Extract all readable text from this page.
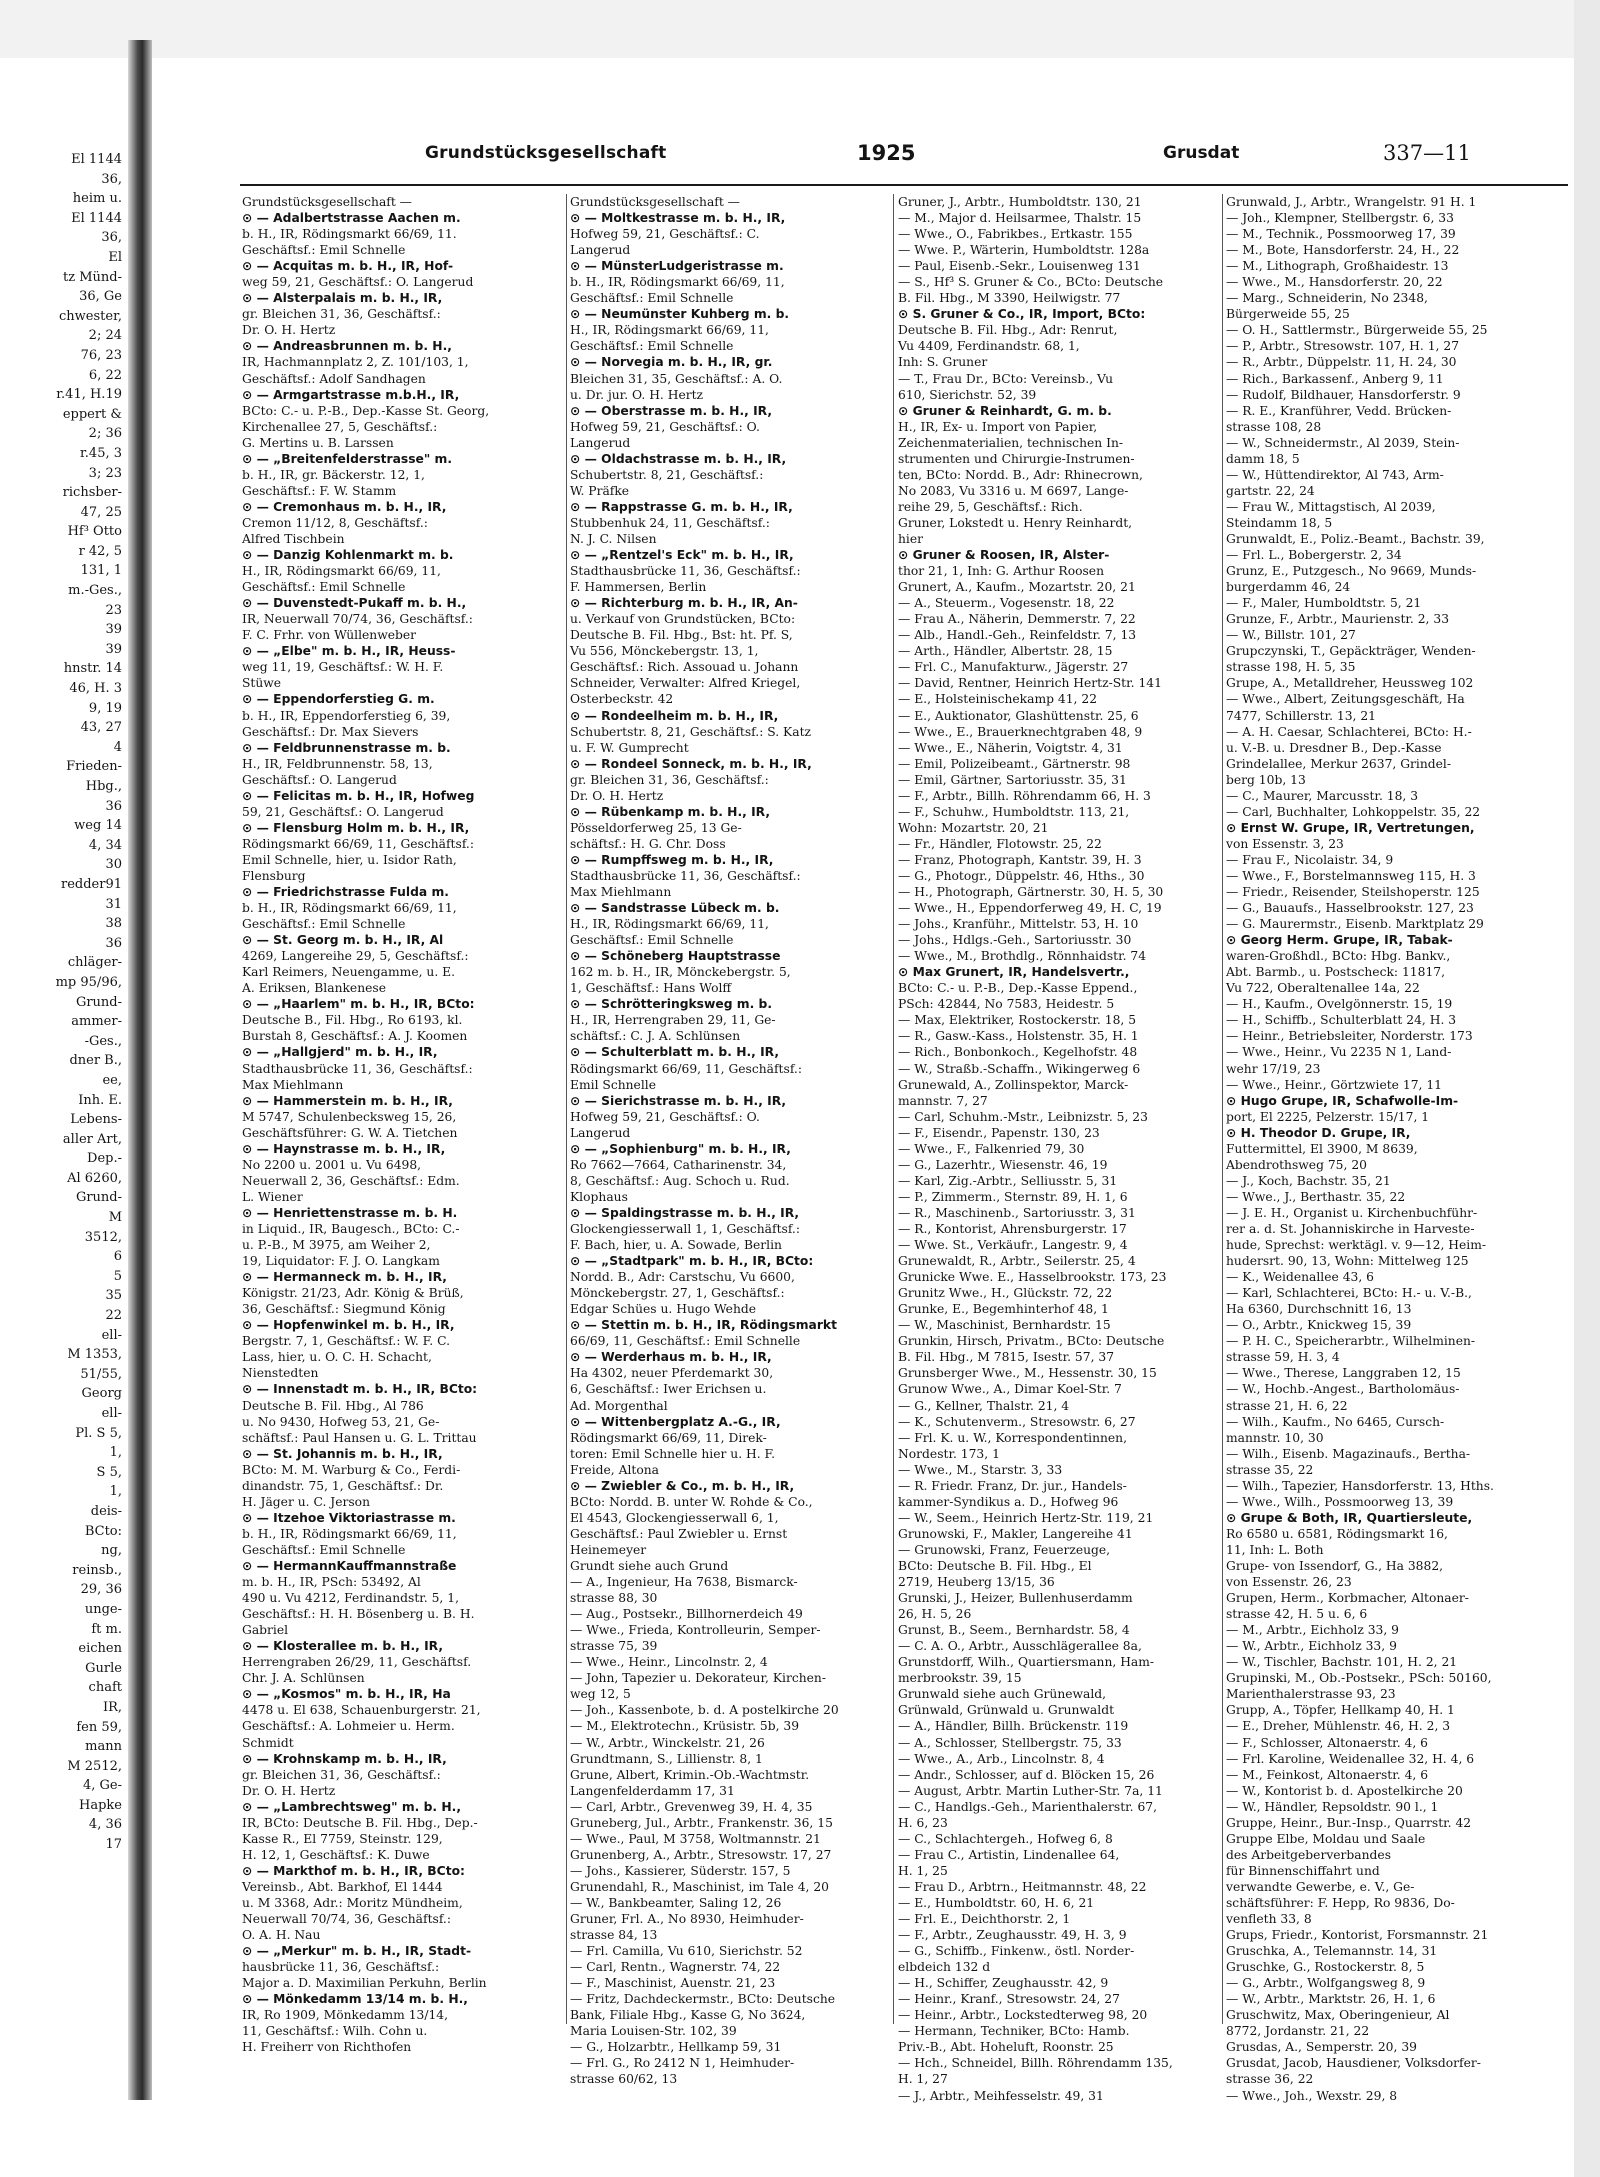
El 1144
36,
heim u.
El 1144
36,
El
tz Münd-
36, Ge
chwester,
2; 24
76, 23
6, 22
r.41, H.19
eppert &
2; 36
r.45, 3
3; 23
richsber-
47, 25
Hf³ Otto
r 42, 5
131, 1
m.-Ges.,
23
39
39
hnstr. 14
46, H. 3
9, 19
43, 27
4
Frieden-
Hbg.,
36
weg 14
4, 34
30
redder91
31
38
36
chläger-
mp 95/96,
Grund-
ammer-
-Ges.,
dner B.,
ee,
Inh. E.
Lebens-
aller Art,
Dep.-
Al 6260,
Grund-
M
3512,
6
5
35
22
ell-
M 1353,
51/55,
Georg
ell-
Pl. S 5,
1,
S 5,
1,
deis-
BCto:
ng,
reinsb.,
29, 36
unge-
ft m.
eichen
Gurle
chaft
IR,
fen 59,
mann
M 2512,
4, Ge-
Hapke
4, 36
17
Grundstücksgesellschaft	1925	Grusdat	337—11
Grundstücksgesellschaft —
⊙ — Adalbertstrasse Aachen m.
b. H., IR, Rödingsmarkt 66/69, 11.
Geschäftsf.: Emil Schnelle
⊙ — Acquitas m. b. H., IR, Hof-
weg 59, 21, Geschäftsf.: O. Langerud
⊙ — Alsterpalais m. b. H., IR,
gr. Bleichen 31, 36, Geschäftsf.:
Dr. O. H. Hertz
⊙ — Andreasbrunnen m. b. H.,
IR, Hachmannplatz 2, Z. 101/103, 1,
Geschäftsf.: Adolf Sandhagen
⊙ — Armgartstrasse m.b.H., IR,
BCto: C.- u. P.-B., Dep.-Kasse St. Georg,
Kirchenallee 27, 5, Geschäftsf.:
G. Mertins u. B. Larssen
⊙ — „Breitenfelderstrasse" m.
b. H., IR, gr. Bäckerstr. 12, 1,
Geschäftsf.: F. W. Stamm
⊙ — Cremonhaus m. b. H., IR,
Cremon 11/12, 8, Geschäftsf.:
Alfred Tischbein
⊙ — Danzig Kohlenmarkt m. b.
H., IR, Rödingsmarkt 66/69, 11,
Geschäftsf.: Emil Schnelle
⊙ — Duvenstedt-Pukaff m. b. H.,
IR, Neuerwall 70/74, 36, Geschäftsf.:
F. C. Frhr. von Wüllenweber
⊙ — „Elbe" m. b. H., IR, Heuss-
weg 11, 19, Geschäftsf.: W. H. F.
Stüwe
⊙ — Eppendorferstieg G. m.
b. H., IR, Eppendorferstieg 6, 39,
Geschäftsf.: Dr. Max Sievers
⊙ — Feldbrunnenstrasse m. b.
H., IR, Feldbrunnenstr. 58, 13,
Geschäftsf.: O. Langerud
⊙ — Felicitas m. b. H., IR, Hofweg
59, 21, Geschäftsf.: O. Langerud
⊙ — Flensburg Holm m. b. H., IR,
Rödingsmarkt 66/69, 11, Geschäftsf.:
Emil Schnelle, hier, u. Isidor Rath,
Flensburg
⊙ — Friedrichstrasse Fulda m.
b. H., IR, Rödingsmarkt 66/69, 11,
Geschäftsf.: Emil Schnelle
⊙ — St. Georg m. b. H., IR, Al
4269, Langereihe 29, 5, Geschäftsf.:
Karl Reimers, Neuengamme, u. E.
A. Eriksen, Blankenese
⊙ — „Haarlem" m. b. H., IR, BCto:
Deutsche B., Fil. Hbg., Ro 6193, kl.
Burstah 8, Geschäftsf.: A. J. Koomen
⊙ — „Hallgjerd" m. b. H., IR,
Stadthausbrücke 11, 36, Geschäftsf.:
Max Miehlmann
⊙ — Hammerstein m. b. H., IR,
M 5747, Schulenbecksweg 15, 26,
Geschäftsführer: G. W. A. Tietchen
⊙ — Haynstrasse m. b. H., IR,
No 2200 u. 2001 u. Vu 6498,
Neuerwall 2, 36, Geschäftsf.: Edm.
L. Wiener
⊙ — Henriettenstrasse m. b. H.
in Liquid., IR, Baugesch., BCto: C.-
u. P.-B., M 3975, am Weiher 2,
19, Liquidator: F. J. O. Langkam
⊙ — Hermanneck m. b. H., IR,
Königstr. 21/23, Adr. König & Brüß,
36, Geschäftsf.: Siegmund König
⊙ — Hopfenwinkel m. b. H., IR,
Bergstr. 7, 1, Geschäftsf.: W. F. C.
Lass, hier, u. O. C. H. Schacht,
Nienstedten
⊙ — Innenstadt m. b. H., IR, BCto:
Deutsche B. Fil. Hbg., Al 786
u. No 9430, Hofweg 53, 21, Ge-
schäftsf.: Paul Hansen u. G. L. Trittau
⊙ — St. Johannis m. b. H., IR,
BCto: M. M. Warburg & Co., Ferdi-
dinandstr. 75, 1, Geschäftsf.: Dr.
H. Jäger u. C. Jerson
⊙ — Itzehoe Viktoriastrasse m.
b. H., IR, Rödingsmarkt 66/69, 11,
Geschäftsf.: Emil Schnelle
⊙ — HermannKauffmannstraße
m. b. H., IR, PSch: 53492, Al
490 u. Vu 4212, Ferdinandstr. 5, 1,
Geschäftsf.: H. H. Bösenberg u. B. H.
Gabriel
⊙ — Klosterallee m. b. H., IR,
Herrengraben 26/29, 11, Geschäftsf.
Chr. J. A. Schlünsen
⊙ — „Kosmos" m. b. H., IR, Ha
4478 u. El 638, Schauenburgerstr. 21,
Geschäftsf.: A. Lohmeier u. Herm.
Schmidt
⊙ — Krohnskamp m. b. H., IR,
gr. Bleichen 31, 36, Geschäftsf.:
Dr. O. H. Hertz
⊙ — „Lambrechtsweg" m. b. H.,
IR, BCto: Deutsche B. Fil. Hbg., Dep.-
Kasse R., El 7759, Steinstr. 129,
H. 12, 1, Geschäftsf.: K. Duwe
⊙ — Markthof m. b. H., IR, BCto:
Vereinsb., Abt. Barkhof, El 1444
u. M 3368, Adr.: Moritz Mündheim,
Neuerwall 70/74, 36, Geschäftsf.:
O. A. H. Nau
⊙ — „Merkur" m. b. H., IR, Stadt-
hausbrücke 11, 36, Geschäftsf.:
Major a. D. Maximilian Perkuhn, Berlin
⊙ — Mönkedamm 13/14 m. b. H.,
IR, Ro 1909, Mönkedamm 13/14,
11, Geschäftsf.: Wilh. Cohn u.
H. Freiherr von Richthofen
Grundstücksgesellschaft —
⊙ — Moltkestrasse m. b. H., IR,
Hofweg 59, 21, Geschäftsf.: C.
Langerud
⊙ — MünsterLudgeristrasse m.
b. H., IR, Rödingsmarkt 66/69, 11,
Geschäftsf.: Emil Schnelle
⊙ — Neumünster Kuhberg m. b.
H., IR, Rödingsmarkt 66/69, 11,
Geschäftsf.: Emil Schnelle
⊙ — Norvegia m. b. H., IR, gr.
Bleichen 31, 35, Geschäftsf.: A. O.
u. Dr. jur. O. H. Hertz
⊙ — Oberstrasse m. b. H., IR,
Hofweg 59, 21, Geschäftsf.: O.
Langerud
⊙ — Oldachstrasse m. b. H., IR,
Schubertstr. 8, 21, Geschäftsf.:
W. Präfke
⊙ — Rappstrasse G. m. b. H., IR,
Stubbenhuk 24, 11, Geschäftsf.:
N. J. C. Nilsen
⊙ — „Rentzel's Eck" m. b. H., IR,
Stadthausbrücke 11, 36, Geschäftsf.:
F. Hammersen, Berlin
⊙ — Richterburg m. b. H., IR, An-
u. Verkauf von Grundstücken, BCto:
Deutsche B. Fil. Hbg., Bst: ht. Pf. S,
Vu 556, Mönckebergstr. 13, 1,
Geschäftsf.: Rich. Assouad u. Johann
Schneider, Verwalter: Alfred Kriegel,
Osterbeckstr. 42
⊙ — Rondeelheim m. b. H., IR,
Schubertstr. 8, 21, Geschäftsf.: S. Katz
u. F. W. Gumprecht
⊙ — Rondeel Sonneck, m. b. H., IR,
gr. Bleichen 31, 36, Geschäftsf.:
Dr. O. H. Hertz
⊙ — Rübenkamp m. b. H., IR,
Pösseldorferweg 25, 13 Ge-
schäftsf.: H. G. Chr. Doss
⊙ — Rumpffsweg m. b. H., IR,
Stadthausbrücke 11, 36, Geschäftsf.:
Max Miehlmann
⊙ — Sandstrasse Lübeck m. b.
H., IR, Rödingsmarkt 66/69, 11,
Geschäftsf.: Emil Schnelle
⊙ — Schöneberg Hauptstrasse
162 m. b. H., IR, Mönckebergstr. 5,
1, Geschäftsf.: Hans Wolff
⊙ — Schrötteringksweg m. b.
H., IR, Herrengraben 29, 11, Ge-
schäftsf.: C. J. A. Schlünsen
⊙ — Schulterblatt m. b. H., IR,
Rödingsmarkt 66/69, 11, Geschäftsf.:
Emil Schnelle
⊙ — Sierichstrasse m. b. H., IR,
Hofweg 59, 21, Geschäftsf.: O.
Langerud
⊙ — „Sophienburg" m. b. H., IR,
Ro 7662—7664, Catharinenstr. 34,
8, Geschäftsf.: Aug. Schoch u. Rud.
Klophaus
⊙ — Spaldingstrasse m. b. H., IR,
Glockengiesserwall 1, 1, Geschäftsf.:
F. Bach, hier, u. A. Sowade, Berlin
⊙ — „Stadtpark" m. b. H., IR, BCto:
Nordd. B., Adr: Carstschu, Vu 6600,
Mönckebergstr. 27, 1, Geschäftsf.:
Edgar Schües u. Hugo Wehde
⊙ — Stettin m. b. H., IR, Rödingsmarkt
66/69, 11, Geschäftsf.: Emil Schnelle
⊙ — Werderhaus m. b. H., IR,
Ha 4302, neuer Pferdemarkt 30,
6, Geschäftsf.: Iwer Erichsen u.
Ad. Morgenthal
⊙ — Wittenbergplatz A.-G., IR,
Rödingsmarkt 66/69, 11, Direk-
toren: Emil Schnelle hier u. H. F.
Freide, Altona
⊙ — Zwiebler & Co., m. b. H., IR,
BCto: Nordd. B. unter W. Rohde & Co.,
El 4543, Glockengiesserwall 6, 1,
Geschäftsf.: Paul Zwiebler u. Ernst
Heinemeyer
Grundt siehe auch Grund
— A., Ingenieur, Ha 7638, Bismarck-
strasse 88, 30
— Aug., Postsekr., Billhornerdeich 49
— Wwe., Frieda, Kontrolleurin, Semper-
strasse 75, 39
— Wwe., Heinr., Lincolnstr. 2, 4
— John, Tapezier u. Dekorateur, Kirchen-
weg 12, 5
— Joh., Kassenbote, b. d. A postelkirche 20
— M., Elektrotechn., Krüsistr. 5b, 39
— W., Arbtr., Winckelstr. 21, 26
Grundtmann, S., Lillienstr. 8, 1
Grune, Albert, Krimin.-Ob.-Wachtmstr.
Langenfelderdamm 17, 31
— Carl, Arbtr., Grevenweg 39, H. 4, 35
Gruneberg, Jul., Arbtr., Frankenstr. 36, 15
— Wwe., Paul, M 3758, Woltmannstr. 21
Grunenberg, A., Arbtr., Stresowstr. 17, 27
— Johs., Kassierer, Süderstr. 157, 5
Grunendahl, R., Maschinist, im Tale 4, 20
— W., Bankbeamter, Saling 12, 26
Gruner, Frl. A., No 8930, Heimhuder-
strasse 84, 13
— Frl. Camilla, Vu 610, Sierichstr. 52
— Carl, Rentn., Wagnerstr. 74, 22
— F., Maschinist, Auenstr. 21, 23
— Fritz, Dachdeckermstr., BCto: Deutsche
Bank, Filiale Hbg., Kasse G, No 3624,
Maria Louisen-Str. 102, 39
— G., Holzarbtr., Hellkamp 59, 31
— Frl. G., Ro 2412 N 1, Heimhuder-
strasse 60/62, 13
Gruner, J., Arbtr., Humboldtstr. 130, 21
— M., Major d. Heilsarmee, Thalstr. 15
— Wwe., O., Fabrikbes., Ertkastr. 155
— Wwe. P., Wärterin, Humboldtstr. 128a
— Paul, Eisenb.-Sekr., Louisenweg 131
— S., Hf³ S. Gruner & Co., BCto: Deutsche
B. Fil. Hbg., M 3390, Heilwigstr. 77
⊙ S. Gruner & Co., IR, Import, BCto:
Deutsche B. Fil. Hbg., Adr: Renrut,
Vu 4409, Ferdinandstr. 68, 1,
Inh: S. Gruner
— T., Frau Dr., BCto: Vereinsb., Vu
610, Sierichstr. 52, 39
⊙ Gruner & Reinhardt, G. m. b.
H., IR, Ex- u. Import von Papier,
Zeichenmaterialien, technischen In-
strumenten und Chirurgie-Instrumen-
ten, BCto: Nordd. B., Adr: Rhinecrown,
No 2083, Vu 3316 u. M 6697, Lange-
reihe 29, 5, Geschäftsf.: Rich.
Gruner, Lokstedt u. Henry Reinhardt,
hier
⊙ Gruner & Roosen, IR, Alster-
thor 21, 1, Inh: G. Arthur Roosen
Grunert, A., Kaufm., Mozartstr. 20, 21
— A., Steuerm., Vogesenstr. 18, 22
— Frau A., Näherin, Demmerstr. 7, 22
— Alb., Handl.-Geh., Reinfeldstr. 7, 13
— Arth., Händler, Albertstr. 28, 15
— Frl. C., Manufakturw., Jägerstr. 27
— David, Rentner, Heinrich Hertz-Str. 141
— E., Holsteinischekamp 41, 22
— E., Auktionator, Glashüttenstr. 25, 6
— Wwe., E., Brauerknechtgraben 48, 9
— Wwe., E., Näherin, Voigtstr. 4, 31
— Emil, Polizeibeamt., Gärtnerstr. 98
— Emil, Gärtner, Sartoriusstr. 35, 31
— F., Arbtr., Billh. Röhrendamm 66, H. 3
— F., Schuhw., Humboldtstr. 113, 21,
Wohn: Mozartstr. 20, 21
— Fr., Händler, Flotowstr. 25, 22
— Franz, Photograph, Kantstr. 39, H. 3
— G., Photogr., Düppelstr. 46, Hths., 30
— H., Photograph, Gärtnerstr. 30, H. 5, 30
— Wwe., H., Eppendorferweg 49, H. C, 19
— Johs., Kranführ., Mittelstr. 53, H. 10
— Johs., Hdlgs.-Geh., Sartoriusstr. 30
— Wwe., M., Brothdlg., Rönnhaidstr. 74
⊙ Max Grunert, IR, Handelsvertr.,
BCto: C.- u. P.-B., Dep.-Kasse Eppend.,
PSch: 42844, No 7583, Heidestr. 5
— Max, Elektriker, Rostockerstr. 18, 5
— R., Gasw.-Kass., Holstenstr. 35, H. 1
— Rich., Bonbonkoch., Kegelhofstr. 48
— W., Straßb.-Schaffn., Wikingerweg 6
Grunewald, A., Zollinspektor, Marck-
mannstr. 7, 27
— Carl, Schuhm.-Mstr., Leibnizstr. 5, 23
— F., Eisendr., Papenstr. 130, 23
— Wwe., F., Falkenried 79, 30
— G., Lazerhtr., Wiesenstr. 46, 19
— Karl, Zig.-Arbtr., Selliusstr. 5, 31
— P., Zimmerm., Sternstr. 89, H. 1, 6
— R., Maschinenb., Sartoriusstr. 3, 31
— R., Kontorist, Ahrensburgerstr. 17
— Wwe. St., Verkäufr., Langestr. 9, 4
Grunewaldt, R., Arbtr., Seilerstr. 25, 4
Grunicke Wwe. E., Hasselbrookstr. 173, 23
Grunitz Wwe., H., Glückstr. 72, 22
Grunke, E., Begemhinterhof 48, 1
— W., Maschinist, Bernhardstr. 15
Grunkin, Hirsch, Privatm., BCto: Deutsche
B. Fil. Hbg., M 7815, Isestr. 57, 37
Grunsberger Wwe., M., Hessenstr. 30, 15
Grunow Wwe., A., Dimar Koel-Str. 7
— G., Kellner, Thalstr. 21, 4
— K., Schutenverm., Stresowstr. 6, 27
— Frl. K. u. W., Korrespondentinnen,
Nordestr. 173, 1
— Wwe., M., Starstr. 3, 33
— R. Friedr. Franz, Dr. jur., Handels-
kammer-Syndikus a. D., Hofweg 96
— W., Seem., Heinrich Hertz-Str. 119, 21
Grunowski, F., Makler, Langereihe 41
— Grunowski, Franz, Feuerzeuge,
BCto: Deutsche B. Fil. Hbg., El
2719, Heuberg 13/15, 36
Grunski, J., Heizer, Bullenhuserdamm
26, H. 5, 26
Grunst, B., Seem., Bernhardstr. 58, 4
— C. A. O., Arbtr., Ausschlägerallee 8a,
Grunstdorff, Wilh., Quartiersmann, Ham-
merbrookstr. 39, 15
Grunwald siehe auch Grünewald,
Grünwald, Grünwald u. Grunwaldt
— A., Händler, Billh. Brückenstr. 119
— A., Schlosser, Stellbergstr. 75, 33
— Wwe., A., Arb., Lincolnstr. 8, 4
— Andr., Schlosser, auf d. Blöcken 15, 26
— August, Arbtr. Martin Luther-Str. 7a, 11
— C., Handlgs.-Geh., Marienthalerstr. 67,
H. 6, 23
— C., Schlachtergeh., Hofweg 6, 8
— Frau C., Artistin, Lindenallee 64,
H. 1, 25
— Frau D., Arbtrn., Heitmannstr. 48, 22
— E., Humboldtstr. 60, H. 6, 21
— Frl. E., Deichthorstr. 2, 1
— F., Arbtr., Zeughausstr. 49, H. 3, 9
— G., Schiffb., Finkenw., östl. Norder-
elbdeich 132 d
— H., Schiffer, Zeughausstr. 42, 9
— Heinr., Kranf., Stresowstr. 24, 27
— Heinr., Arbtr., Lockstedterweg 98, 20
— Hermann, Techniker, BCto: Hamb.
Priv.-B., Abt. Hoheluft, Roonstr. 25
— Hch., Schneidel, Billh. Röhrendamm 135,
H. 1, 27
— J., Arbtr., Meihfesselstr. 49, 31
Grunwald, J., Arbtr., Wrangelstr. 91 H. 1
— Joh., Klempner, Stellbergstr. 6, 33
— M., Technik., Possmoorweg 17, 39
— M., Bote, Hansdorferstr. 24, H., 22
— M., Lithograph, Großhaidestr. 13
— Wwe., M., Hansdorferstr. 20, 22
— Marg., Schneiderin, No 2348,
Bürgerweide 55, 25
— O. H., Sattlermstr., Bürgerweide 55, 25
— P., Arbtr., Stresowstr. 107, H. 1, 27
— R., Arbtr., Düppelstr. 11, H. 24, 30
— Rich., Barkassenf., Anberg 9, 11
— Rudolf, Bildhauer, Hansdorferstr. 9
— R. E., Kranführer, Vedd. Brücken-
strasse 108, 28
— W., Schneidermstr., Al 2039, Stein-
damm 18, 5
— W., Hüttendirektor, Al 743, Arm-
gartstr. 22, 24
— Frau W., Mittagstisch, Al 2039,
Steindamm 18, 5
Grunwaldt, E., Poliz.-Beamt., Bachstr. 39,
— Frl. L., Bobergerstr. 2, 34
Grunz, E., Putzgesch., No 9669, Munds-
burgerdamm 46, 24
— F., Maler, Humboldtstr. 5, 21
Grunze, F., Arbtr., Maurienstr. 2, 33
— W., Billstr. 101, 27
Grupczynski, T., Gepäckträger, Wenden-
strasse 198, H. 5, 35
Grupe, A., Metalldreher, Heussweg 102
— Wwe., Albert, Zeitungsgeschäft, Ha
7477, Schillerstr. 13, 21
— A. H. Caesar, Schlachterei, BCto: H.-
u. V.-B. u. Dresdner B., Dep.-Kasse
Grindelallee, Merkur 2637, Grindel-
berg 10b, 13
— C., Maurer, Marcusstr. 18, 3
— Carl, Buchhalter, Lohkoppelstr. 35, 22
⊙ Ernst W. Grupe, IR, Vertretungen,
von Essenstr. 3, 23
— Frau F., Nicolaistr. 34, 9
— Wwe., F., Borstelmannsweg 115, H. 3
— Friedr., Reisender, Steilshoperstr. 125
— G., Bauaufs., Hasselbrookstr. 127, 23
— G. Maurermstr., Eisenb. Marktplatz 29
⊙ Georg Herm. Grupe, IR, Tabak-
waren-Großhdl., BCto: Hbg. Bankv.,
Abt. Barmb., u. Postscheck: 11817,
Vu 722, Oberaltenallee 14a, 22
— H., Kaufm., Ovelgönnerstr. 15, 19
— H., Schiffb., Schulterblatt 24, H. 3
— Heinr., Betriebsleiter, Norderstr. 173
— Wwe., Heinr., Vu 2235 N 1, Land-
wehr 17/19, 23
— Wwe., Heinr., Görtzwiete 17, 11
⊙ Hugo Grupe, IR, Schafwolle-Im-
port, El 2225, Pelzerstr. 15/17, 1
⊙ H. Theodor D. Grupe, IR,
Futtermittel, El 3900, M 8639,
Abendrothsweg 75, 20
— J., Koch, Bachstr. 35, 21
— Wwe., J., Berthastr. 35, 22
— J. E. H., Organist u. Kirchenbuchführ-
rer a. d. St. Johanniskirche in Harveste-
hude, Sprechst: werktägl. v. 9—12, Heim-
hudersrt. 90, 13, Wohn: Mittelweg 125
— K., Weidenallee 43, 6
— Karl, Schlachterei, BCto: H.- u. V.-B.,
Ha 6360, Durchschnitt 16, 13
— O., Arbtr., Knickweg 15, 39
— P. H. C., Speicherarbtr., Wilhelminen-
strasse 59, H. 3, 4
— Wwe., Therese, Langgraben 12, 15
— W., Hochb.-Angest., Bartholomäus-
strasse 21, H. 6, 22
— Wilh., Kaufm., No 6465, Cursch-
mannstr. 10, 30
— Wilh., Eisenb. Magazinaufs., Bertha-
strasse 35, 22
— Wilh., Tapezier, Hansdorferstr. 13, Hths.
— Wwe., Wilh., Possmoorweg 13, 39
⊙ Grupe & Both, IR, Quartiersleute,
Ro 6580 u. 6581, Rödingsmarkt 16,
11, Inh: L. Both
Grupe- von Issendorf, G., Ha 3882,
von Essenstr. 26, 23
Grupen, Herm., Korbmacher, Altonaer-
strasse 42, H. 5 u. 6, 6
— M., Arbtr., Eichholz 33, 9
— W., Arbtr., Eichholz 33, 9
— W., Tischler, Bachstr. 101, H. 2, 21
Grupinski, M., Ob.-Postsekr., PSch: 50160,
Marienthalerstrasse 93, 23
Grupp, A., Töpfer, Hellkamp 40, H. 1
— E., Dreher, Mühlenstr. 46, H. 2, 3
— F., Schlosser, Altonaerstr. 4, 6
— Frl. Karoline, Weidenallee 32, H. 4, 6
— M., Feinkost, Altonaerstr. 4, 6
— W., Kontorist b. d. Apostelkirche 20
— W., Händler, Repsoldstr. 90 l., 1
Gruppe, Heinr., Bur.-Insp., Quarrstr. 42
Gruppe Elbe, Moldau und Saale
des Arbeitgeberverbandes
für Binnenschiffahrt und
verwandte Gewerbe, e. V., Ge-
schäftsführer: F. Hepp, Ro 9836, Do-
venfleth 33, 8
Grups, Friedr., Kontorist, Forsmannstr. 21
Gruschka, A., Telemannstr. 14, 31
Gruschke, G., Rostockerstr. 8, 5
— G., Arbtr., Wolfgangsweg 8, 9
— W., Arbtr., Marktstr. 26, H. 1, 6
Gruschwitz, Max, Oberingenieur, Al
8772, Jordanstr. 21, 22
Grusdas, A., Semperstr. 20, 39
Grusdat, Jacob, Hausdiener, Volksdorfer-
strasse 36, 22
— Wwe., Joh., Wexstr. 29, 8
